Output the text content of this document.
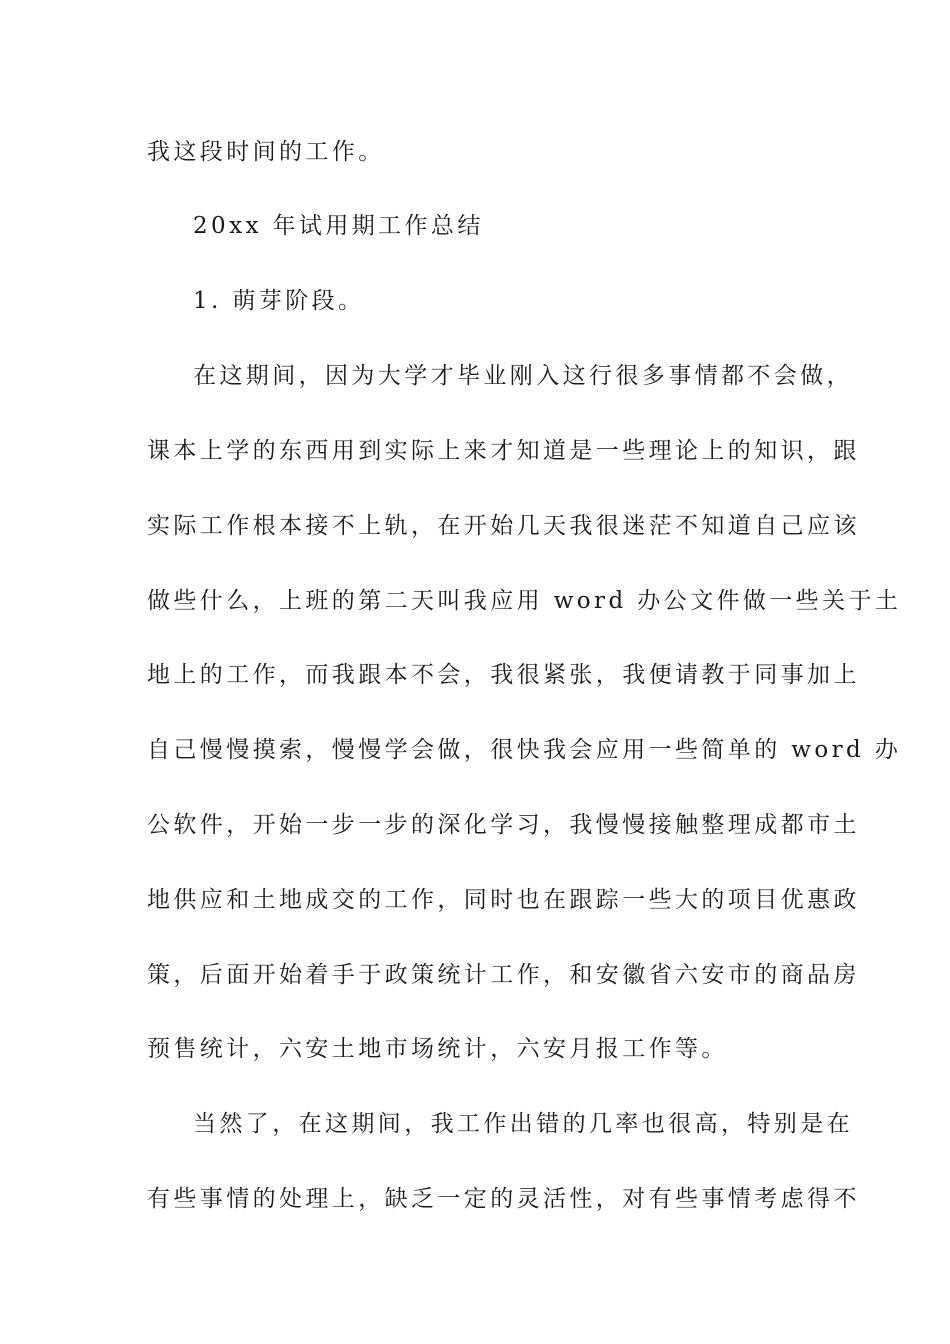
我这段时间的工作。
20xx 年试用期工作总结
1. 萌芽阶段。
在这期间，因为大学才毕业刚入这行很多事情都不会做，
课本上学的东西用到实际上来才知道是一些理论上的知识，跟
实际工作根本接不上轨，在开始几天我很迷茫不知道自己应该
做些什么，上班的第二天叫我应用 word 办公文件做一些关于土
地上的工作，而我跟本不会，我很紧张，我便请教于同事加上
自己慢慢摸索，慢慢学会做，很快我会应用一些简单的 word 办
公软件，开始一步一步的深化学习，我慢慢接触整理成都市土
地供应和土地成交的工作，同时也在跟踪一些大的项目优惠政
策，后面开始着手于政策统计工作，和安徽省六安市的商品房
预售统计，六安土地市场统计，六安月报工作等。
当然了，在这期间，我工作出错的几率也很高，特别是在
有些事情的处理上，缺乏一定的灵活性，对有些事情考虑得不
